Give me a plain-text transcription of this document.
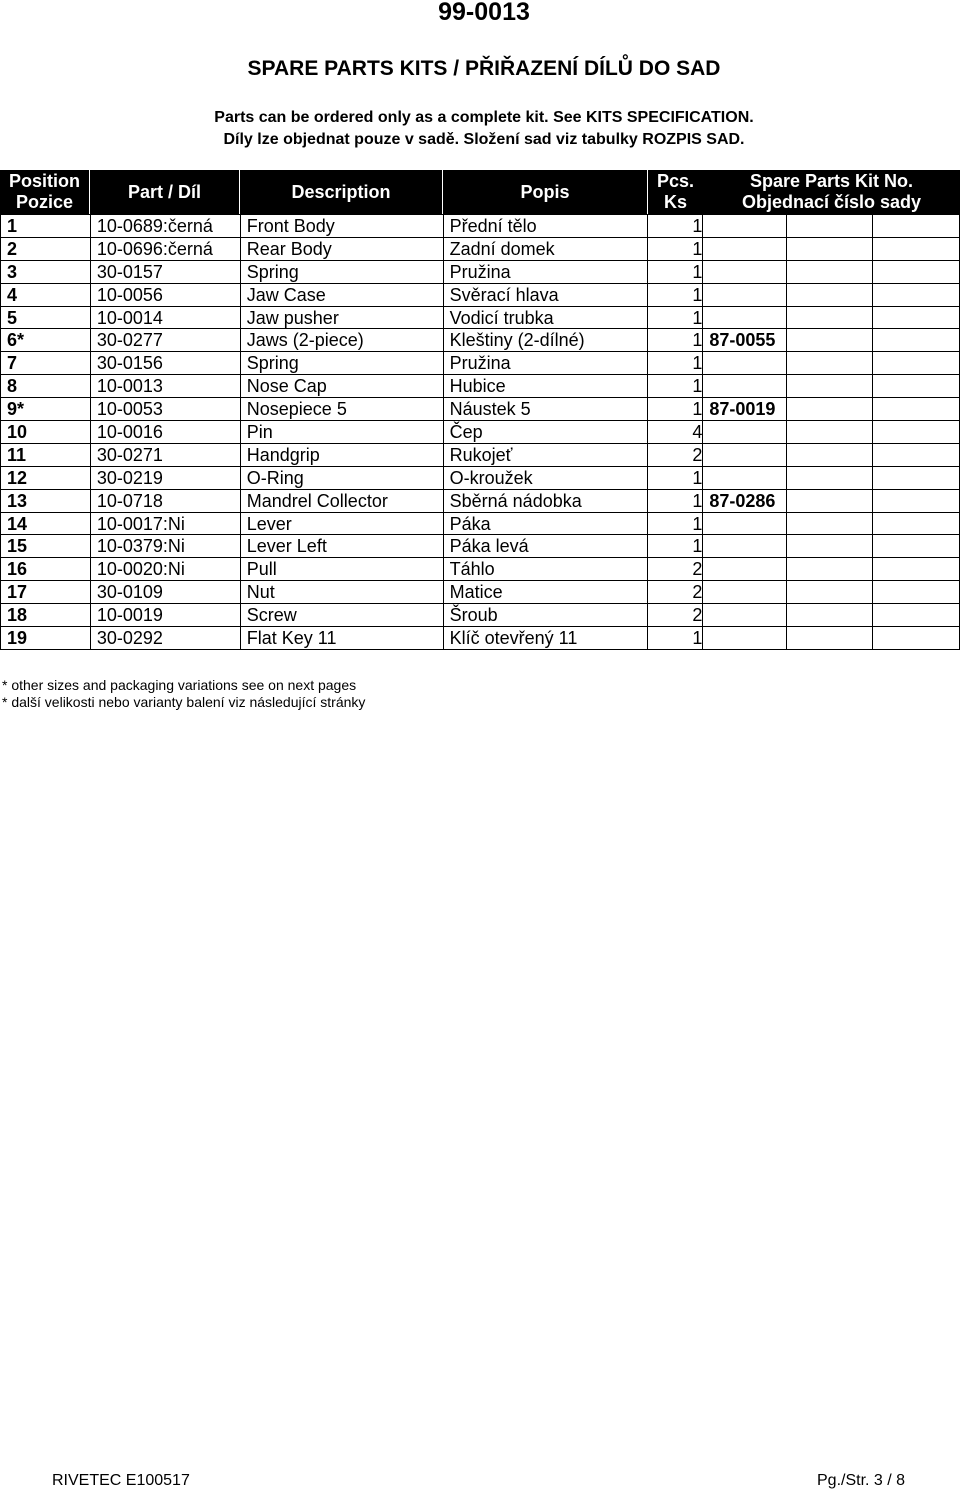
99-0013
SPARE PARTS KITS / PŘIŘAZENÍ DÍLŮ DO SAD
Parts can be ordered only as a complete kit. See KITS SPECIFICATION.
Díly lze objednat pouze v sadě. Složení sad viz tabulky ROZPIS SAD.
Position
Pozice
Part / Díl	Description	Popis
Pcs.
Ks
Spare Parts Kit No.
Objednací číslo sady
1	10-0689:černá	Front Body	Přední tělo	1			
2	10-0696:černá	Rear Body	Zadní domek	1			
3	30-0157	Spring	Pružina	1			
4	10-0056	Jaw Case	Svěrací hlava	1			
5	10-0014	Jaw pusher	Vodicí trubka	1			
6*	30-0277	Jaws (2-piece)	Kleštiny (2-dílné)	1	87-0055		
7	30-0156	Spring	Pružina	1			
8	10-0013	Nose Cap	Hubice	1			
9*	10-0053	Nosepiece 5	Náustek 5	1	87-0019		
10	10-0016	Pin	Čep	4			
11	30-0271	Handgrip	Rukojeť	2			
12	30-0219	O-Ring	O-kroužek	1			
13	10-0718	Mandrel Collector	Sběrná nádobka	1	87-0286		
14	10-0017:Ni	Lever	Páka	1			
15	10-0379:Ni	Lever Left	Páka levá	1			
16	10-0020:Ni	Pull	Táhlo	2			
17	30-0109	Nut	Matice	2			
18	10-0019	Screw	Šroub	2			
19	30-0292	Flat Key 11	Klíč otevřený 11	1			
* other sizes and packaging variations see on next pages
* další velikosti nebo varianty balení viz následující stránky
RIVETEC E100517	Pg./Str. 3 / 8
